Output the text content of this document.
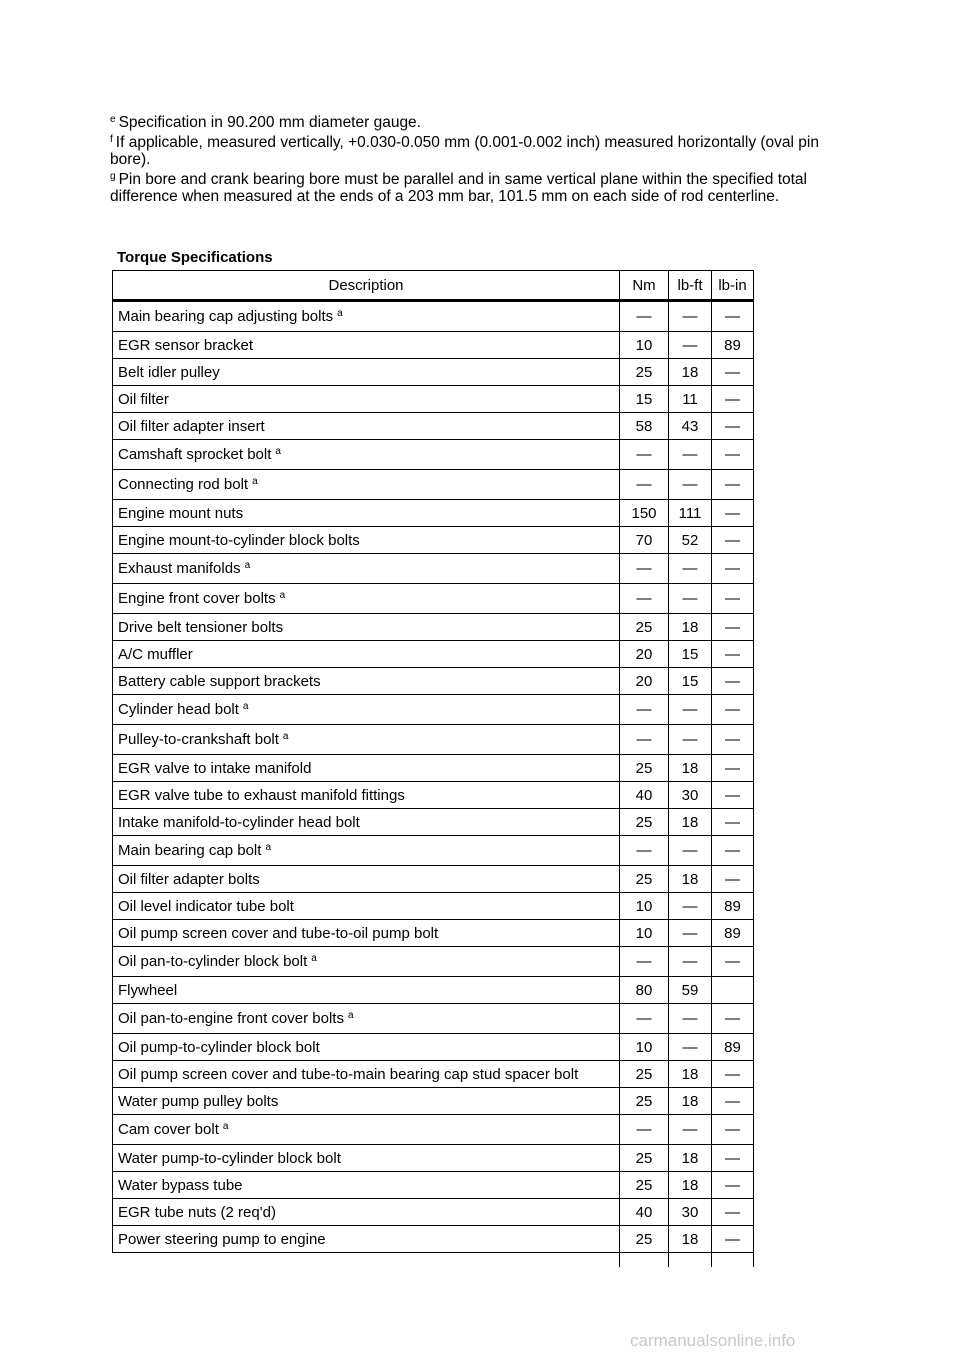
$^e$ Specification in 90.200 mm diameter gauge.
$^f$ If applicable, measured vertically, +0.030-0.050 mm (0.001-0.002 inch) measured horizontally (oval pin bore).
$^g$ Pin bore and crank bearing bore must be parallel and in same vertical plane within the specified total difference when measured at the ends of a 203 mm bar, 101.5 mm on each side of rod centerline.
Torque Specifications
Description	Nm	lb-ft	lb-in
Main bearing cap adjusting bolts $^a$	—	—	—
EGR sensor bracket	10	—	89
Belt idler pulley	25	18	—
Oil filter	15	11	—
Oil filter adapter insert	58	43	—
Camshaft sprocket bolt $^a$	—	—	—
Connecting rod bolt $^a$	—	—	—
Engine mount nuts	150	111	—
Engine mount-to-cylinder block bolts	70	52	—
Exhaust manifolds $^a$	—	—	—
Engine front cover bolts $^a$	—	—	—
Drive belt tensioner bolts	25	18	—
A/C muffler	20	15	—
Battery cable support brackets	20	15	—
Cylinder head bolt $^a$	—	—	—
Pulley-to-crankshaft bolt $^a$	—	—	—
EGR valve to intake manifold	25	18	—
EGR valve tube to exhaust manifold fittings	40	30	—
Intake manifold-to-cylinder head bolt	25	18	—
Main bearing cap bolt $^a$	—	—	—
Oil filter adapter bolts	25	18	—
Oil level indicator tube bolt	10	—	89
Oil pump screen cover and tube-to-oil pump bolt	10	—	89
Oil pan-to-cylinder block bolt $^a$	—	—	—
Flywheel	80	59	
Oil pan-to-engine front cover bolts $^a$	—	—	—
Oil pump-to-cylinder block bolt	10	—	89
Oil pump screen cover and tube-to-main bearing cap stud spacer bolt	25	18	—
Water pump pulley bolts	25	18	—
Cam cover bolt $^a$	—	—	—
Water pump-to-cylinder block bolt	25	18	—
Water bypass tube	25	18	—
EGR tube nuts (2 req'd)	40	30	—
Power steering pump to engine	25	18	—

carmanualsonline.info
